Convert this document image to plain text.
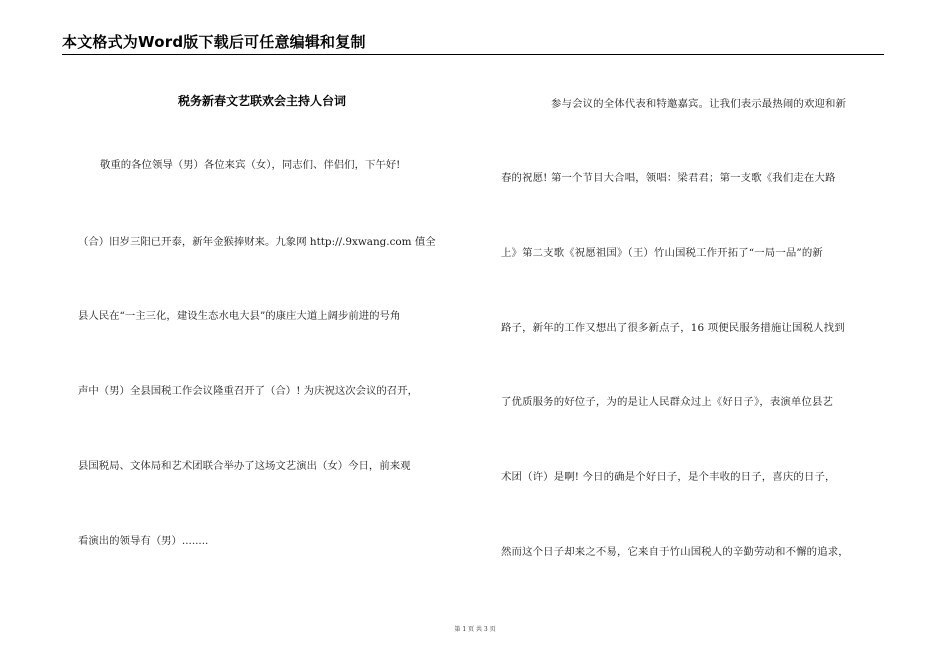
本文格式为Word版下载后可任意编辑和复制
税务新春文艺联欢会主持人台词
敬重的各位领导（男）各位来宾（女），同志们、伴侣们，下午好!
（合）旧岁三阳已开泰，新年金猴捧财来。九象网 http://.9xwang.com 值全
县人民在“一主三化，建设生态水电大县”的康庄大道上阔步前进的号角
声中（男）全县国税工作会议隆重召开了（合）! 为庆祝这次会议的召开，
县国税局、文体局和艺术团联合举办了这场文艺演出（女）今日，前来观
看演出的领导有（男）........
参与会议的全体代表和特邀嘉宾。让我们表示最热闹的欢迎和新
春的祝愿! 第一个节目大合唱，领唱：梁君君；第一支歌《我们走在大路
上》第二支歌《祝愿祖国》（王）竹山国税工作开拓了“一局一品”的新
路子，新年的工作又想出了很多新点子，16 项便民服务措施让国税人找到
了优质服务的好位子，为的是让人民群众过上《好日子》，表演单位县艺
术团（许）是啊! 今日的确是个好日子，是个丰收的日子，喜庆的日子，
然而这个日子却来之不易，它来自于竹山国税人的辛勤劳动和不懈的追求，
第 1 页 共 3 页
